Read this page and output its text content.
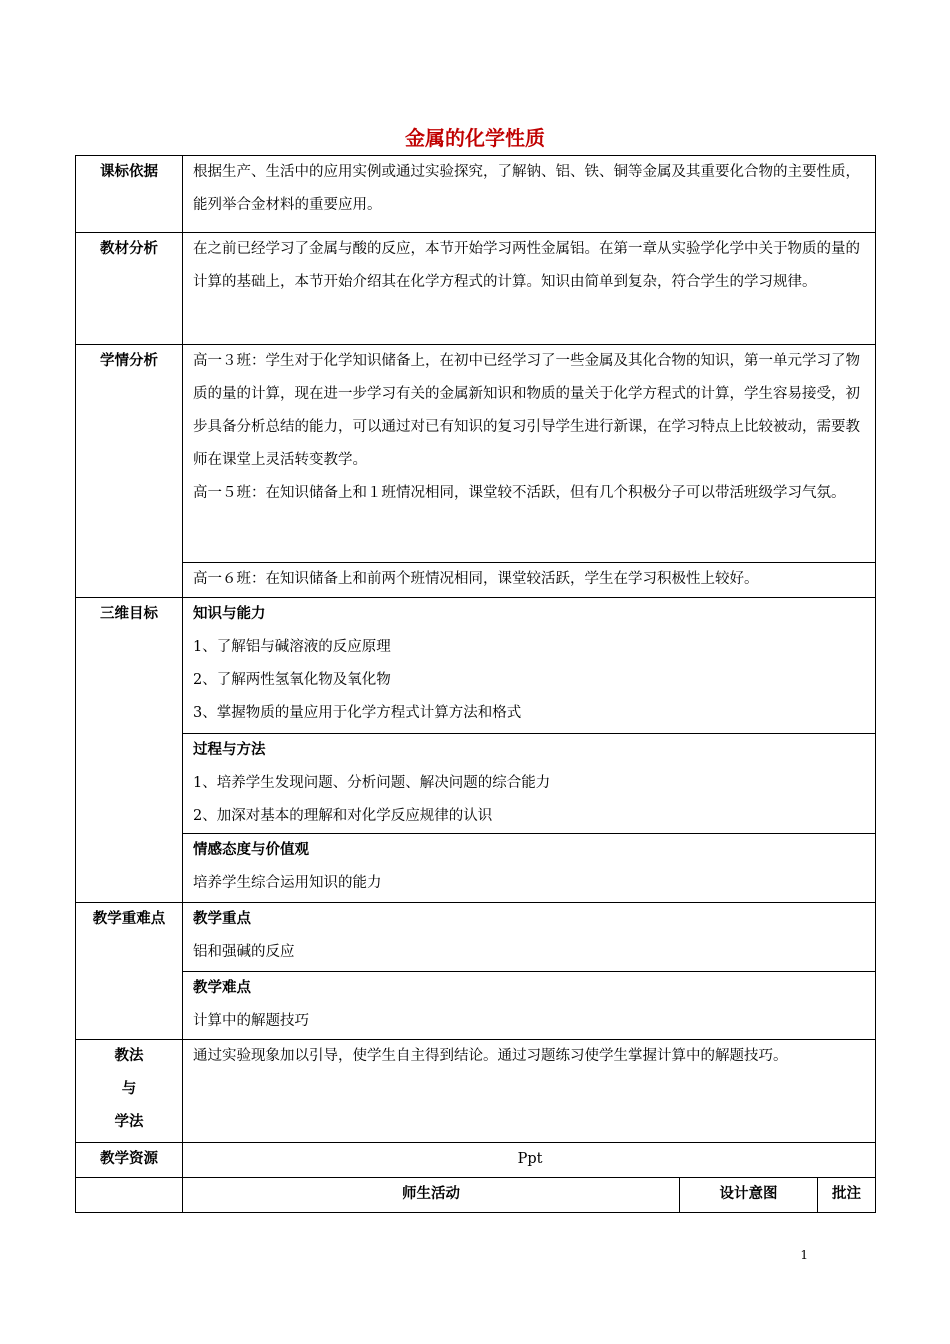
金属的化学性质
课标依据	根据生产、生活中的应用实例或通过实验探究，了解钠、铝、铁、铜等金属及其重要化合物的主要性质，能列举合金材料的重要应用。		
教材分析	在之前已经学习了金属与酸的反应，本节开始学习两性金属铝。在第一章从实验学化学中关于物质的量的计算的基础上，本节开始介绍其在化学方程式的计算。知识由简单到复杂，符合学生的学习规律。		
学情分析	高一３班：学生对于化学知识储备上，在初中已经学习了一些金属及其化合物的知识，第一单元学习了物质的量的计算，现在进一步学习有关的金属新知识和物质的量关于化学方程式的计算，学生容易接受，初步具备分析总结的能力，可以通过对已有知识的复习引导学生进行新课，在学习特点上比较被动，需要教师在课堂上灵活转变教学。

高一５班：在知识储备上和１班情况相同，课堂较不活跃，但有几个积极分子可以带活班级学习气氛。		

	高一６班：在知识储备上和前两个班情况相同，课堂较活跃，学生在学习积极性上较好。		
三维目标	知识与能力

1、了解铝与碱溶液的反应原理

2、了解两性氢氧化物及氧化物

3、掌握物质的量应用于化学方程式计算方法和格式		

	过程与方法

1、培养学生发现问题、分析问题、解决问题的综合能力

2、加深对基本的理解和对化学反应规律的认识		

	情感态度与价值观

培养学生综合运用知识的能力		

教学重难点	教学重点

铝和强碱的反应		

	教学难点

计算中的解题技巧		

教法
与
学法	通过实验现象加以引导，使学生自主得到结论。通过习题练习使学生掌握计算中的解题技巧。		
教学资源	Ppt		
	师生活动	设计意图	批注
1
